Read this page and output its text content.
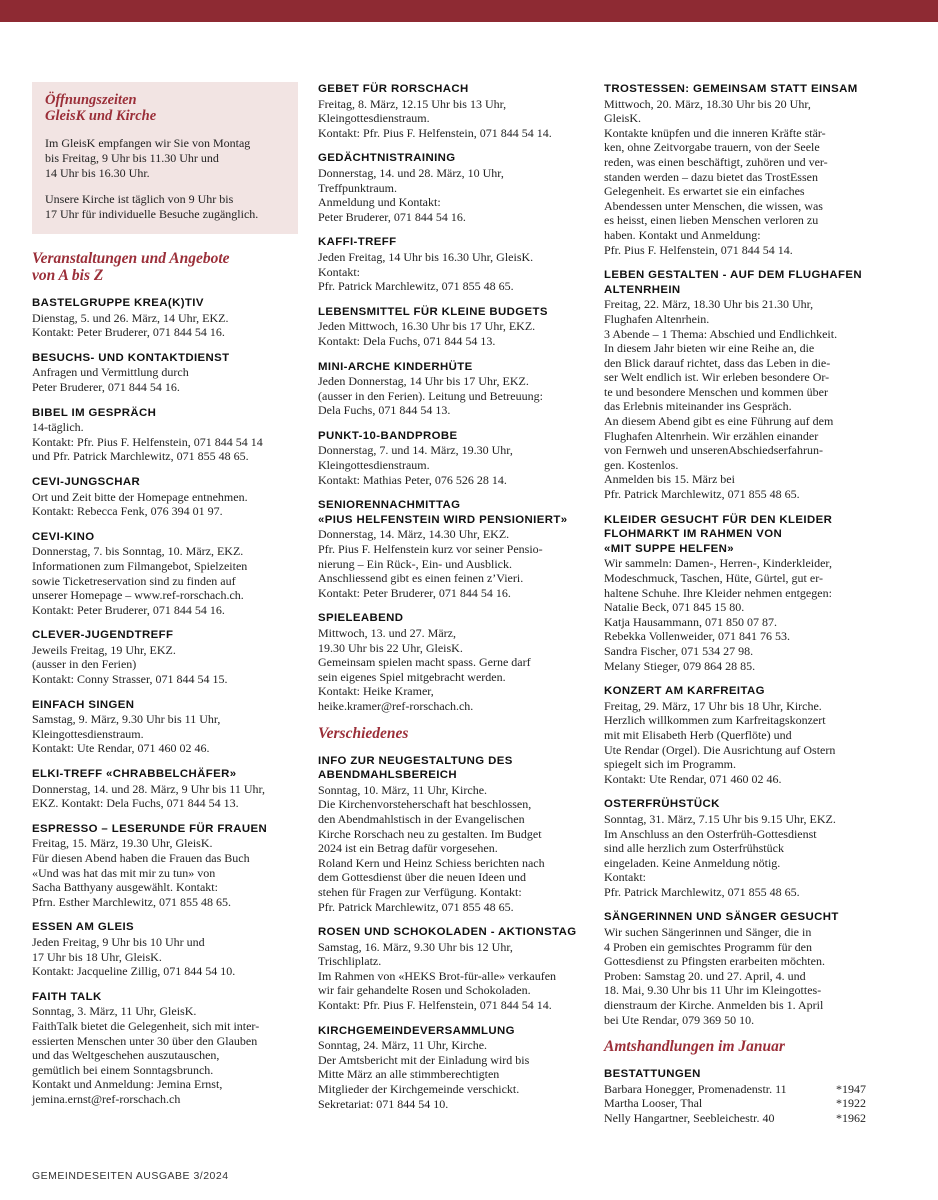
Öffnungszeiten
GleisK und Kirche

Im GleisK empfangen wir Sie von Montag
bis Freitag, 9 Uhr bis 11.30 Uhr und
14 Uhr bis 16.30 Uhr.

Unsere Kirche ist täglich von 9 Uhr bis
17 Uhr für individuelle Besuche zugänglich.

Veranstaltungen und Angebote
von A bis Z
BASTELGRUPPE KREA(K)TIV
Dienstag, 5. und 26. März, 14 Uhr, EKZ.
Kontakt: Peter Bruderer, 071 844 54 16.
BESUCHS- UND KONTAKTDIENST
Anfragen und Vermittlung durch
Peter Bruderer, 071 844 54 16.
BIBEL IM GESPRÄCH
14-täglich.
Kontakt: Pfr. Pius F. Helfenstein, 071 844 54 14
und Pfr. Patrick Marchlewitz, 071 855 48 65.
CEVI-JUNGSCHAR
Ort und Zeit bitte der Homepage entnehmen.
Kontakt: Rebecca Fenk, 076 394 01 97.
CEVI-KINO
Donnerstag, 7. bis Sonntag, 10. März, EKZ.
Informationen zum Filmangebot, Spielzeiten
sowie Ticketreservation sind zu finden auf
unserer Homepage – www.ref-rorschach.ch.
Kontakt: Peter Bruderer, 071 844 54 16.
CLEVER-JUGENDTREFF
Jeweils Freitag, 19 Uhr, EKZ.
(ausser in den Ferien)
Kontakt: Conny Strasser, 071 844 54 15.
EINFACH SINGEN
Samstag, 9. März, 9.30 Uhr bis 11 Uhr,
Kleingottesdienstraum.
Kontakt: Ute Rendar, 071 460 02 46.
ELKI-TREFF «CHRABBELCHÄFER»
Donnerstag, 14. und 28. März, 9 Uhr bis 11 Uhr,
EKZ. Kontakt: Dela Fuchs, 071 844 54 13.
ESPRESSO – LESERUNDE FÜR FRAUEN
Freitag, 15. März, 19.30 Uhr, GleisK.
Für diesen Abend haben die Frauen das Buch
«Und was hat das mit mir zu tun» von
Sacha Batthyany ausgewählt. Kontakt:
Pfrn. Esther Marchlewitz, 071 855 48 65.
ESSEN AM GLEIS
Jeden Freitag, 9 Uhr bis 10 Uhr und
17 Uhr bis 18 Uhr, GleisK.
Kontakt: Jacqueline Zillig, 071 844 54 10.
FAITH TALK
Sonntag, 3. März, 11 Uhr, GleisK.
FaithTalk bietet die Gelegenheit, sich mit inter-
essierten Menschen unter 30 über den Glauben
und das Weltgeschehen auszutauschen,
gemütlich bei einem Sonntagsbrunch.
Kontakt und Anmeldung: Jemina Ernst,
jemina.ernst@ref-rorschach.ch
GEBET FÜR RORSCHACH
Freitag, 8. März, 12.15 Uhr bis 13 Uhr,
Kleingottesdienstraum.
Kontakt: Pfr. Pius F. Helfenstein, 071 844 54 14.
GEDÄCHTNISTRAINING
Donnerstag, 14. und 28. März, 10 Uhr,
Treffpunktraum.
Anmeldung und Kontakt:
Peter Bruderer, 071 844 54 16.
KAFFI-TREFF
Jeden Freitag, 14 Uhr bis 16.30 Uhr, GleisK.
Kontakt:
Pfr. Patrick Marchlewitz, 071 855 48 65.
LEBENSMITTEL FÜR KLEINE BUDGETS
Jeden Mittwoch, 16.30 Uhr bis 17 Uhr, EKZ.
Kontakt: Dela Fuchs, 071 844 54 13.
MINI-ARCHE KINDERHÜTE
Jeden Donnerstag, 14 Uhr bis 17 Uhr, EKZ.
(ausser in den Ferien). Leitung und Betreuung:
Dela Fuchs, 071 844 54 13.
PUNKT-10-BANDPROBE
Donnerstag, 7. und 14. März, 19.30 Uhr,
Kleingottesdienstraum.
Kontakt: Mathias Peter, 076 526 28 14.
SENIORENNACHMITTAG
«PIUS HELFENSTEIN WIRD PENSIONIERT»
Donnerstag, 14. März, 14.30 Uhr, EKZ.
Pfr. Pius F. Helfenstein kurz vor seiner Pensio-
nierung – Ein Rück-, Ein- und Ausblick.
Anschliessend gibt es einen feinen z’Vieri.
Kontakt: Peter Bruderer, 071 844 54 16.
SPIELEABEND
Mittwoch, 13. und 27. März,
19.30 Uhr bis 22 Uhr, GleisK.
Gemeinsam spielen macht spass. Gerne darf
sein eigenes Spiel mitgebracht werden.
Kontakt: Heike Kramer,
heike.kramer@ref-rorschach.ch.
Verschiedenes
INFO ZUR NEUGESTALTUNG DES
ABENDMAHLSBEREICH
Sonntag, 10. März, 11 Uhr, Kirche.
Die Kirchenvorsteherschaft hat beschlossen,
den Abendmahlstisch in der Evangelischen
Kirche Rorschach neu zu gestalten. Im Budget
2024 ist ein Betrag dafür vorgesehen.
Roland Kern und Heinz Schiess berichten nach
dem Gottesdienst über die neuen Ideen und
stehen für Fragen zur Verfügung. Kontakt:
Pfr. Patrick Marchlewitz, 071 855 48 65.
ROSEN UND SCHOKOLADEN - AKTIONSTAG
Samstag, 16. März, 9.30 Uhr bis 12 Uhr,
Trischliplatz.
Im Rahmen von «HEKS Brot-für-alle» verkaufen
wir fair gehandelte Rosen und Schokoladen.
Kontakt: Pfr. Pius F. Helfenstein, 071 844 54 14.
KIRCHGEMEINDEVERSAMMLUNG
Sonntag, 24. März, 11 Uhr, Kirche.
Der Amtsbericht mit der Einladung wird bis
Mitte März an alle stimmberechtigten
Mitglieder der Kirchgemeinde verschickt.
Sekretariat: 071 844 54 10.
TROSTESSEN: GEMEINSAM STATT EINSAM
Mittwoch, 20. März, 18.30 Uhr bis 20 Uhr,
GleisK.
Kontakte knüpfen und die inneren Kräfte stär-
ken, ohne Zeitvorgabe trauern, von der Seele
reden, was einen beschäftigt, zuhören und ver-
standen werden – dazu bietet das TrostEssen
Gelegenheit. Es erwartet sie ein einfaches
Abendessen unter Menschen, die wissen, was
es heisst, einen lieben Menschen verloren zu
haben. Kontakt und Anmeldung:
Pfr. Pius F. Helfenstein, 071 844 54 14.
LEBEN GESTALTEN - AUF DEM FLUGHAFEN
ALTENRHEIN
Freitag, 22. März, 18.30 Uhr bis 21.30 Uhr,
Flughafen Altenrhein.
3 Abende – 1 Thema: Abschied und Endlichkeit.
In diesem Jahr bieten wir eine Reihe an, die
den Blick darauf richtet, dass das Leben in die-
ser Welt endlich ist. Wir erleben besondere Or-
te und besondere Menschen und kommen über
das Erlebnis miteinander ins Gespräch.
An diesem Abend gibt es eine Führung auf dem
Flughafen Altenrhein. Wir erzählen einander
von Fernweh und unserenAbschiedserfahrun-
gen. Kostenlos.
Anmelden bis 15. März bei
Pfr. Patrick Marchlewitz, 071 855 48 65.
KLEIDER GESUCHT FÜR DEN KLEIDER
FLOHMARKT IM RAHMEN VON
«MIT SUPPE HELFEN»
Wir sammeln: Damen-, Herren-, Kinderkleider,
Modeschmuck, Taschen, Hüte, Gürtel, gut er-
haltene Schuhe. Ihre Kleider nehmen entgegen:
Natalie Beck, 071 845 15 80.
Katja Hausammann, 071 850 07 87.
Rebekka Vollenweider, 071 841 76 53.
Sandra Fischer, 071 534 27 98.
Melany Stieger, 079 864 28 85.
KONZERT AM KARFREITAG
Freitag, 29. März, 17 Uhr bis 18 Uhr, Kirche.
Herzlich willkommen zum Karfreitagskonzert
mit mit Elisabeth Herb (Querflöte) und
Ute Rendar (Orgel). Die Ausrichtung auf Ostern
spiegelt sich im Programm.
Kontakt: Ute Rendar, 071 460 02 46.
OSTERFRÜHSTÜCK
Sonntag, 31. März, 7.15 Uhr bis 9.15 Uhr, EKZ.
Im Anschluss an den Osterfrüh-Gottesdienst
sind alle herzlich zum Osterfrühstück
eingeladen. Keine Anmeldung nötig.
Kontakt:
Pfr. Patrick Marchlewitz, 071 855 48 65.
SÄNGERINNEN UND SÄNGER GESUCHT
Wir suchen Sängerinnen und Sänger, die in
4 Proben ein gemischtes Programm für den
Gottesdienst zu Pfingsten erarbeiten möchten.
Proben: Samstag 20. und 27. April, 4. und
18. Mai, 9.30 Uhr bis 11 Uhr im Kleingottes-
dienstraum der Kirche. Anmelden bis 1. April
bei Ute Rendar, 079 369 50 10.
Amtshandlungen im Januar
BESTATTUNGEN
Barbara Honegger, Promenadenstr. 11	*1947
Martha Looser, Thal	*1922
Nelly Hangartner, Seebleichestr. 40	*1962
GEMEINDESEITEN AUSGABE 3/2024
